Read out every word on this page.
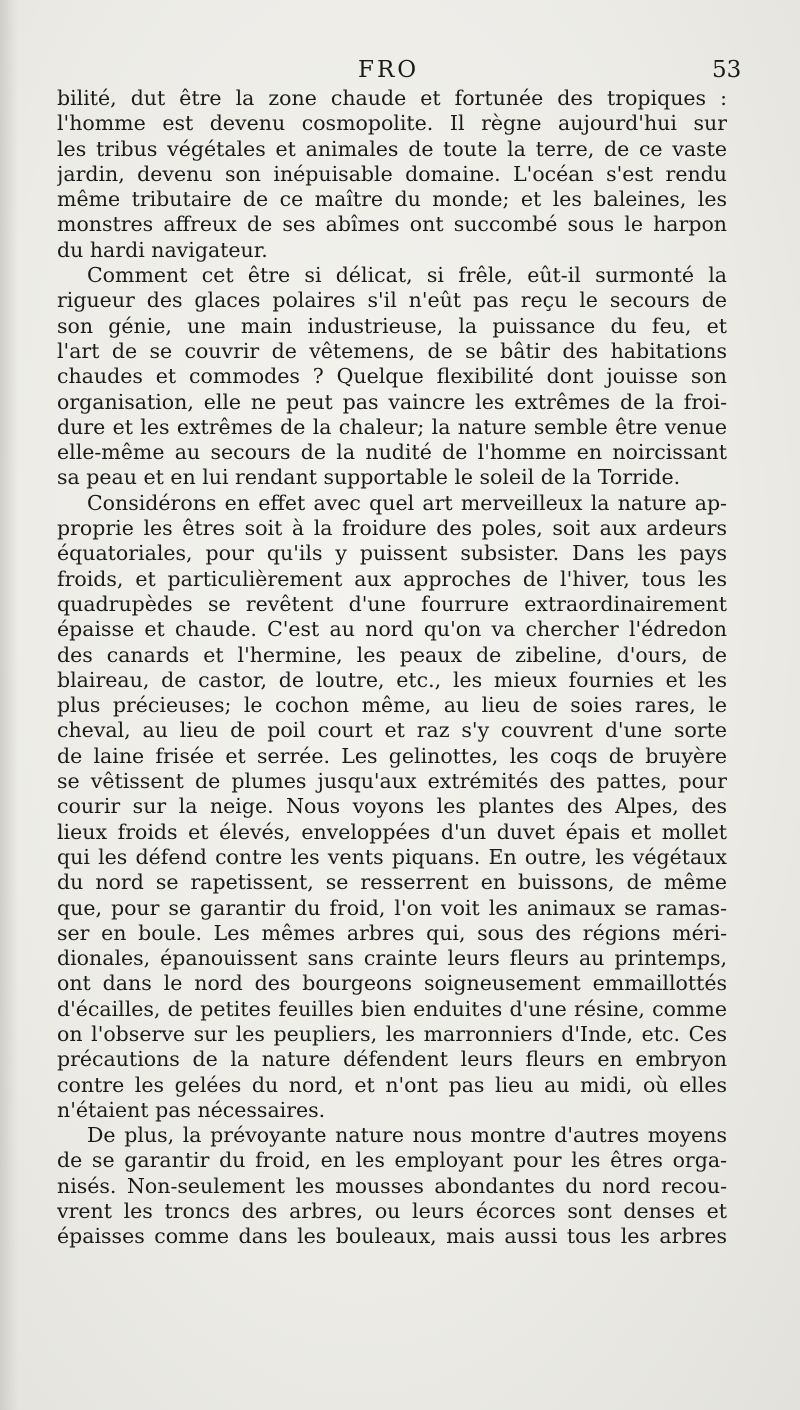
FRO	53
bilité, dut être la zone chaude et fortunée des tropiques :
l'homme est devenu cosmopolite. Il règne aujourd'hui sur
les tribus végétales et animales de toute la terre, de ce vaste
jardin, devenu son inépuisable domaine. L'océan s'est rendu
même tributaire de ce maître du monde; et les baleines, les
monstres affreux de ses abîmes ont succombé sous le harpon
du hardi navigateur.
Comment cet être si délicat, si frêle, eût-il surmonté la
rigueur des glaces polaires s'il n'eût pas reçu le secours de
son génie, une main industrieuse, la puissance du feu, et
l'art de se couvrir de vêtemens, de se bâtir des habitations
chaudes et commodes ? Quelque flexibilité dont jouisse son
organisation, elle ne peut pas vaincre les extrêmes de la froi-
dure et les extrêmes de la chaleur; la nature semble être venue
elle-même au secours de la nudité de l'homme en noircissant
sa peau et en lui rendant supportable le soleil de la Torride.
Considérons en effet avec quel art merveilleux la nature ap-
proprie les êtres soit à la froidure des poles, soit aux ardeurs
équatoriales, pour qu'ils y puissent subsister. Dans les pays
froids, et particulièrement aux approches de l'hiver, tous les
quadrupèdes se revêtent d'une fourrure extraordinairement
épaisse et chaude. C'est au nord qu'on va chercher l'édredon
des canards et l'hermine, les peaux de zibeline, d'ours, de
blaireau, de castor, de loutre, etc., les mieux fournies et les
plus précieuses; le cochon même, au lieu de soies rares, le
cheval, au lieu de poil court et raz s'y couvrent d'une sorte
de laine frisée et serrée. Les gelinottes, les coqs de bruyère
se vêtissent de plumes jusqu'aux extrémités des pattes, pour
courir sur la neige. Nous voyons les plantes des Alpes, des
lieux froids et élevés, enveloppées d'un duvet épais et mollet
qui les défend contre les vents piquans. En outre, les végétaux
du nord se rapetissent, se resserrent en buissons, de même
que, pour se garantir du froid, l'on voit les animaux se ramas-
ser en boule. Les mêmes arbres qui, sous des régions méri-
dionales, épanouissent sans crainte leurs fleurs au printemps,
ont dans le nord des bourgeons soigneusement emmaillottés
d'écailles, de petites feuilles bien enduites d'une résine, comme
on l'observe sur les peupliers, les marronniers d'Inde, etc. Ces
précautions de la nature défendent leurs fleurs en embryon
contre les gelées du nord, et n'ont pas lieu au midi, où elles
n'étaient pas nécessaires.
De plus, la prévoyante nature nous montre d'autres moyens
de se garantir du froid, en les employant pour les êtres orga-
nisés. Non-seulement les mousses abondantes du nord recou-
vrent les troncs des arbres, ou leurs écorces sont denses et
épaisses comme dans les bouleaux, mais aussi tous les arbres
